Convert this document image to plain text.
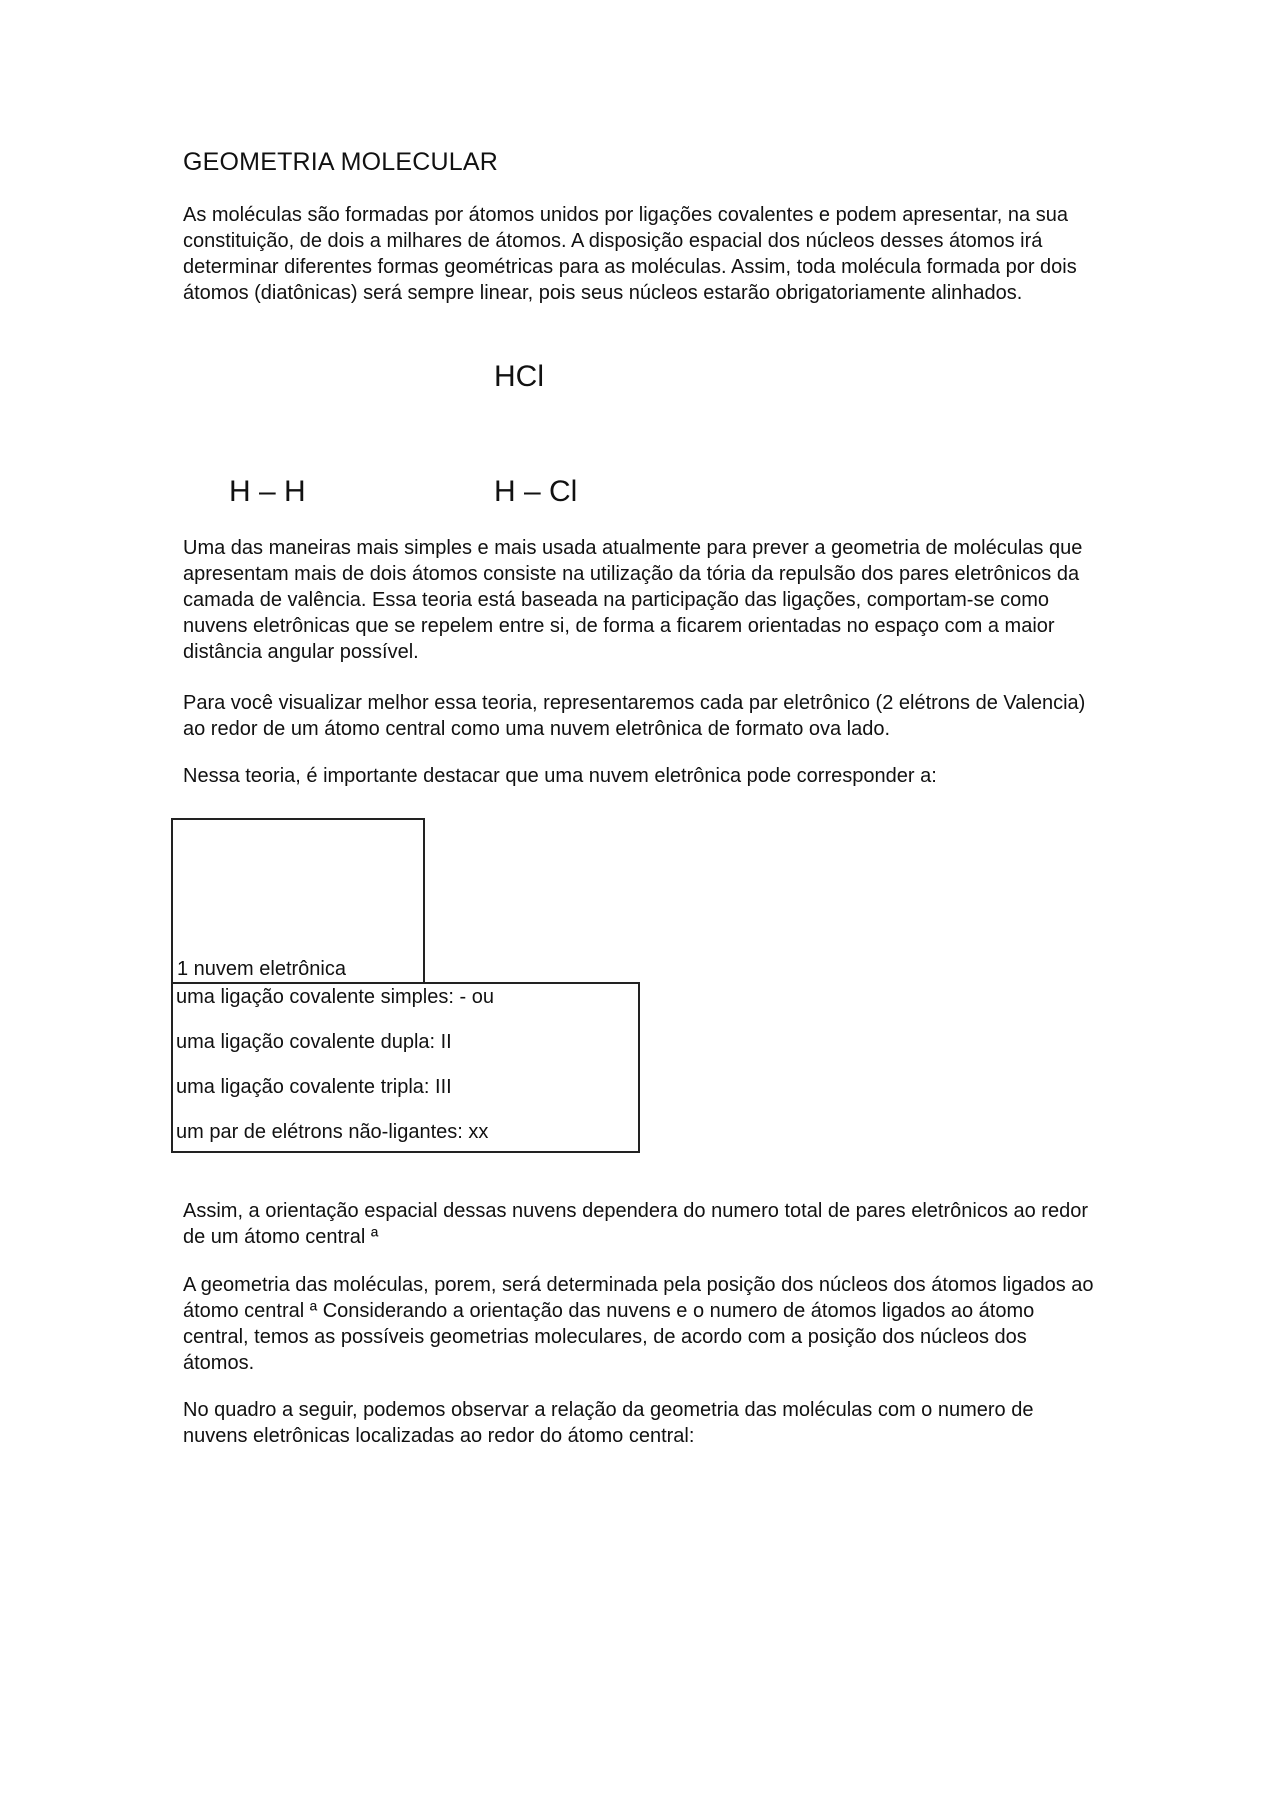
GEOMETRIA MOLECULAR

As moléculas são formadas por átomos unidos por ligações covalentes e podem apresentar, na sua constituição, de dois a milhares de átomos. A disposição espacial dos núcleos desses átomos irá determinar diferentes formas geométricas para as moléculas. Assim, toda molécula formada por dois átomos (diatônicas) será sempre linear, pois seus núcleos estarão obrigatoriamente alinhados.

HCl
H – H	H – Cl

Uma das maneiras mais simples e mais usada atualmente para prever a geometria de moléculas que apresentam mais de dois átomos consiste na utilização da tória da repulsão dos pares eletrônicos da camada de valência. Essa teoria está baseada na participação das ligações, comportam-se como nuvens eletrônicas que se repelem entre si, de forma a ficarem orientadas no espaço com a maior distância angular possível.

Para você visualizar melhor essa teoria, representaremos cada par eletrônico (2 elétrons de Valencia) ao redor de um átomo central como uma nuvem eletrônica de formato ova lado.

Nessa teoria, é importante destacar que uma nuvem eletrônica pode corresponder a:

1 nuvem eletrônica
uma ligação covalente simples: - ou
uma ligação covalente dupla: II
uma ligação covalente tripla: III
um par de elétrons não-ligantes: xx

Assim, a orientação espacial dessas nuvens dependera do numero total de pares eletrônicos ao redor de um átomo central ª

A geometria das moléculas, porem, será determinada pela posição dos núcleos dos átomos ligados ao átomo central ª Considerando a orientação das nuvens e o numero de átomos ligados ao átomo central, temos as possíveis geometrias moleculares, de acordo com a posição dos núcleos dos átomos.

No quadro a seguir, podemos observar a relação da geometria das moléculas com o numero de nuvens eletrônicas localizadas ao redor do átomo central:
